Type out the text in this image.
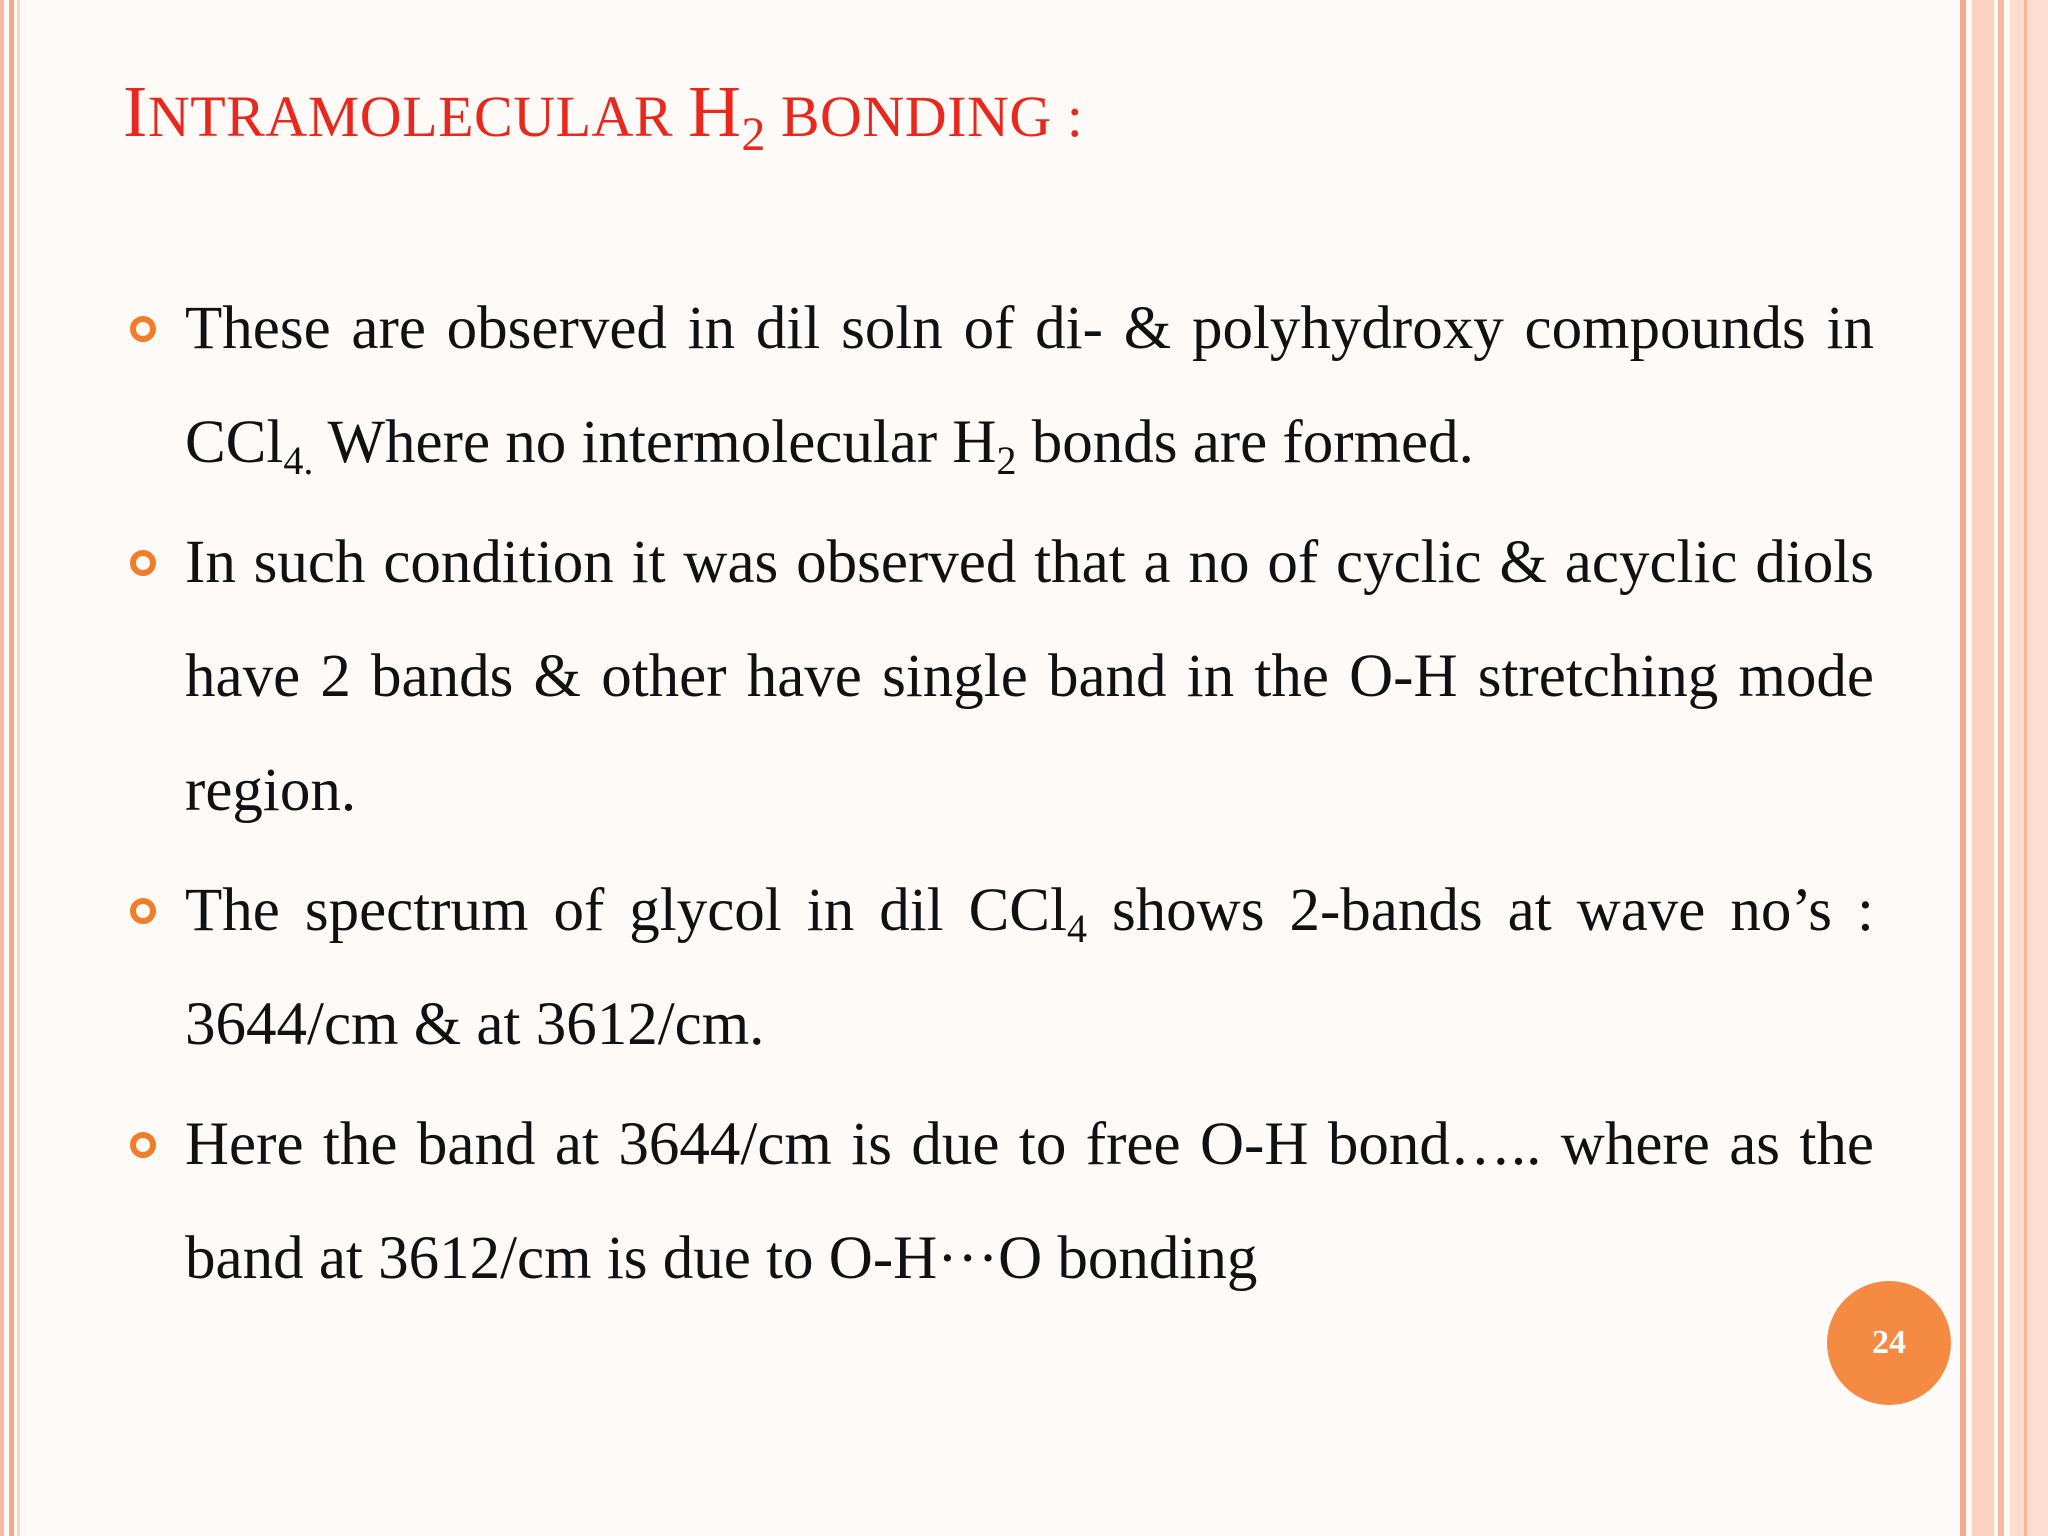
INTRAMOLECULAR $H_2$ BONDING :
These are observed in dil soln of di- & polyhydroxy compounds in CCl$_{4.}$ Where no intermolecular $H_2$ bonds are formed.
In such condition it was observed that a no of cyclic & acyclic diols have 2 bands & other have single band in the O-H stretching mode region.
The spectrum of glycol in dil CCl$_4$ shows 2-bands at wave no’s : 3644/cm & at 3612/cm.
Here the band at 3644/cm is due to free O-H bond….. where as the band at 3612/cm is due to O-H···O bonding
24
